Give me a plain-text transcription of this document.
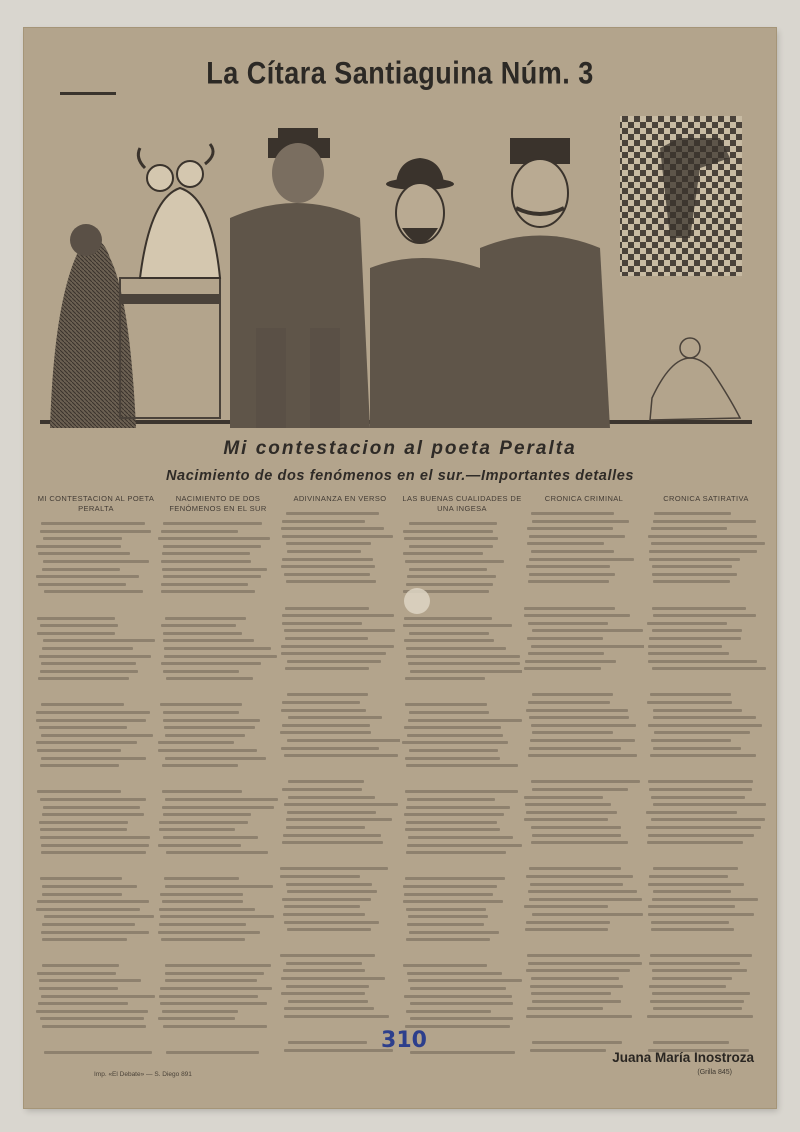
La Cítara Santiaguina Núm. 3
Mi contestacion al poeta Peralta
Nacimiento de dos fenómenos en el sur.—Importantes detalles
MI CONTESTACION AL POETA PERALTA
NACIMIENTO DE DOS FENÓMENOS EN EL SUR
ADIVINANZA EN VERSO	LAS BUENAS CUALIDADES DE UNA INGESA
CRONICA CRIMINAL	CRONICA SATIRATIVA
310
Imp. «El Debate» — S. Diego 891
Juana María Inostroza
(Grilla 845)
